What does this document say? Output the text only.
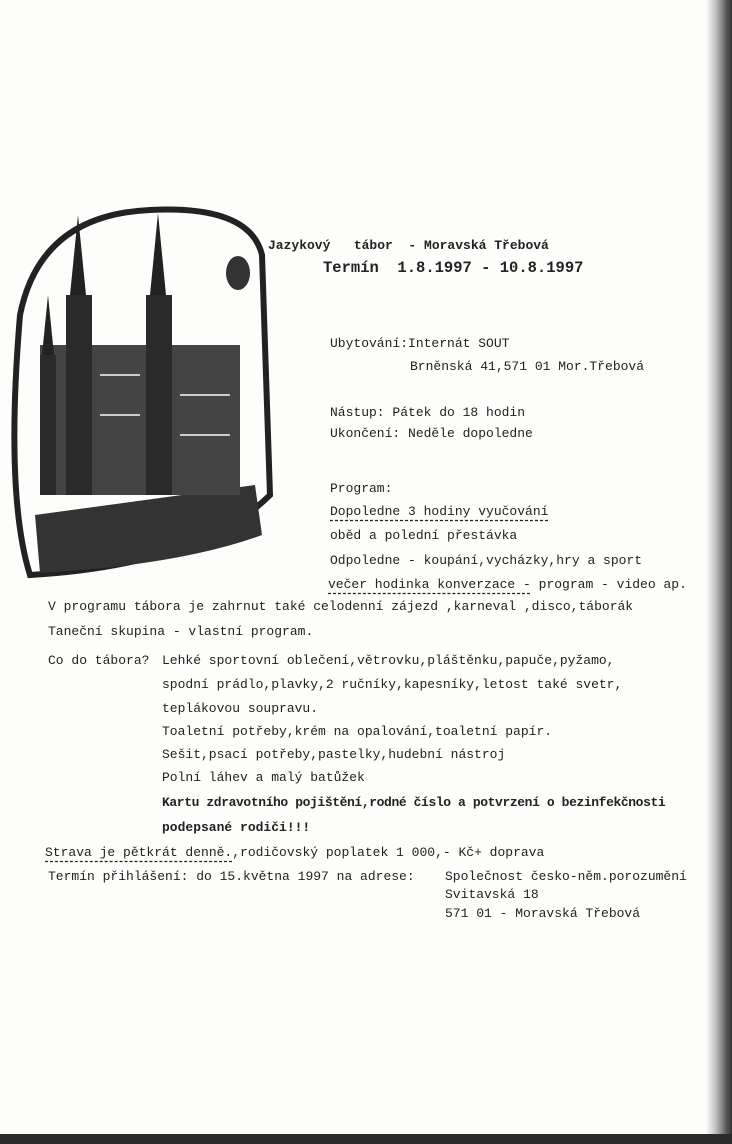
Jazykový   tábor  - Moravská Třebová
Termín  1.8.1997 - 10.8.1997
Ubytování:Internát SOUT
Brněnská 41,571 01 Mor.Třebová
Nástup: Pátek do 18 hodin
Ukončení: Neděle dopoledne
Program:
Dopoledne 3 hodiny vyučování
oběd a polední přestávka
Odpoledne - koupání,vycházky,hry a sport
večer hodinka konverzace - program - video ap.
V programu tábora je zahrnut také celodenní zájezd ,karneval ,disco,táborák
Taneční skupina - vlastní program.
Co do tábora? Lehké sportovní oblečení,větrovku,pláštěnku,papuče,pyžamo,
spodní prádlo,plavky,2 ručníky,kapesníky,letost také svetr,
teplákovou soupravu.
Toaletní potřeby,krém na opalování,toaletní papír.
Sešit,psací potřeby,pastelky,hudební nástroj
Polní láhev a malý batůžek
Kartu zdravotního pojištění,rodné číslo a potvrzení o bezinfekčnosti
podepsané rodiči!!!
Strava je pětkrát denně.,rodičovský poplatek 1 000,- Kč+ doprava
Termín přihlášení: do 15.května 1997 na adrese: Společnost česko-něm.porozumění
Svitavská 18
571 01 - Moravská Třebová
